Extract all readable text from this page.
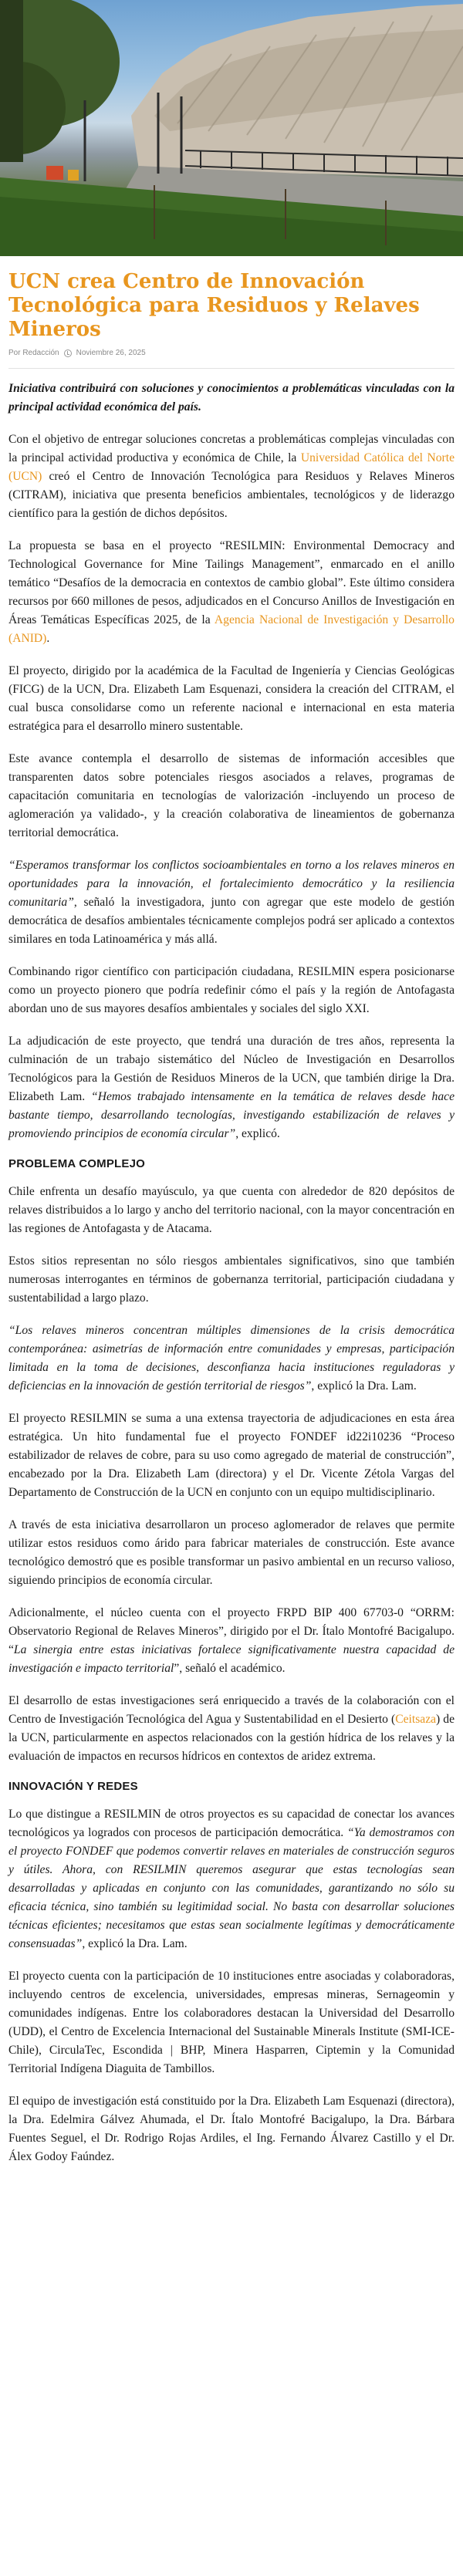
UCN crea Centro de Innovación Tecnológica para Residuos y Relaves Mineros
Por Redacción Noviembre 26, 2025

Iniciativa contribuirá con soluciones y conocimientos a problemáticas vinculadas con la principal actividad económica del país.

Con el objetivo de entregar soluciones concretas a problemáticas complejas vinculadas con la principal actividad productiva y económica de Chile, la Universidad Católica del Norte (UCN) creó el Centro de Innovación Tecnológica para Residuos y Relaves Mineros (CITRAM), iniciativa que presenta beneficios ambientales, tecnológicos y de liderazgo científico para la gestión de dichos depósitos.

La propuesta se basa en el proyecto “RESILMIN: Environmental Democracy and Technological Governance for Mine Tailings Management”, enmarcado en el anillo temático “Desafíos de la democracia en contextos de cambio global”. Este último considera recursos por 660 millones de pesos, adjudicados en el Concurso Anillos de Investigación en Áreas Temáticas Específicas 2025, de la Agencia Nacional de Investigación y Desarrollo (ANID).

El proyecto, dirigido por la académica de la Facultad de Ingeniería y Ciencias Geológicas (FICG) de la UCN, Dra. Elizabeth Lam Esquenazi, considera la creación del CITRAM, el cual busca consolidarse como un referente nacional e internacional en esta materia estratégica para el desarrollo minero sustentable.

Este avance contempla el desarrollo de sistemas de información accesibles que transparenten datos sobre potenciales riesgos asociados a relaves, programas de capacitación comunitaria en tecnologías de valorización -incluyendo un proceso de aglomeración ya validado-, y la creación colaborativa de lineamientos de gobernanza territorial democrática.

“Esperamos transformar los conflictos socioambientales en torno a los relaves mineros en oportunidades para la innovación, el fortalecimiento democrático y la resiliencia comunitaria”, señaló la investigadora, junto con agregar que este modelo de gestión democrática de desafíos ambientales técnicamente complejos podrá ser aplicado a contextos similares en toda Latinoamérica y más allá.

Combinando rigor científico con participación ciudadana, RESILMIN espera posicionarse como un proyecto pionero que podría redefinir cómo el país y la región de Antofagasta abordan uno de sus mayores desafíos ambientales y sociales del siglo XXI.

La adjudicación de este proyecto, que tendrá una duración de tres años, representa la culminación de un trabajo sistemático del Núcleo de Investigación en Desarrollos Tecnológicos para la Gestión de Residuos Mineros de la UCN, que también dirige la Dra. Elizabeth Lam. “Hemos trabajado intensamente en la temática de relaves desde hace bastante tiempo, desarrollando tecnologías, investigando estabilización de relaves y promoviendo principios de economía circular”, explicó.

PROBLEMA COMPLEJO

Chile enfrenta un desafío mayúsculo, ya que cuenta con alrededor de 820 depósitos de relaves distribuidos a lo largo y ancho del territorio nacional, con la mayor concentración en las regiones de Antofagasta y de Atacama.

Estos sitios representan no sólo riesgos ambientales significativos, sino que también numerosas interrogantes en términos de gobernanza territorial, participación ciudadana y sustentabilidad a largo plazo.

“Los relaves mineros concentran múltiples dimensiones de la crisis democrática contemporánea: asimetrías de información entre comunidades y empresas, participación limitada en la toma de decisiones, desconfianza hacia instituciones reguladoras y deficiencias en la innovación de gestión territorial de riesgos”, explicó la Dra. Lam.

El proyecto RESILMIN se suma a una extensa trayectoria de adjudicaciones en esta área estratégica. Un hito fundamental fue el proyecto FONDEF id22i10236 “Proceso estabilizador de relaves de cobre, para su uso como agregado de material de construcción”, encabezado por la Dra. Elizabeth Lam (directora) y el Dr. Vicente Zétola Vargas del Departamento de Construcción de la UCN en conjunto con un equipo multidisciplinario.

A través de esta iniciativa desarrollaron un proceso aglomerador de relaves que permite utilizar estos residuos como árido para fabricar materiales de construcción. Este avance tecnológico demostró que es posible transformar un pasivo ambiental en un recurso valioso, siguiendo principios de economía circular.

Adicionalmente, el núcleo cuenta con el proyecto FRPD BIP 400 67703-0 “ORRM: Observatorio Regional de Relaves Mineros”, dirigido por el Dr. Ítalo Montofré Bacigalupo. “La sinergia entre estas iniciativas fortalece significativamente nuestra capacidad de investigación e impacto territorial”, señaló el académico.

El desarrollo de estas investigaciones será enriquecido a través de la colaboración con el Centro de Investigación Tecnológica del Agua y Sustentabilidad en el Desierto (Ceitsaza) de la UCN, particularmente en aspectos relacionados con la gestión hídrica de los relaves y la evaluación de impactos en recursos hídricos en contextos de aridez extrema.

INNOVACIÓN Y REDES

Lo que distingue a RESILMIN de otros proyectos es su capacidad de conectar los avances tecnológicos ya logrados con procesos de participación democrática. “Ya demostramos con el proyecto FONDEF que podemos convertir relaves en materiales de construcción seguros y útiles. Ahora, con RESILMIN queremos asegurar que estas tecnologías sean desarrolladas y aplicadas en conjunto con las comunidades, garantizando no sólo su eficacia técnica, sino también su legitimidad social. No basta con desarrollar soluciones técnicas eficientes; necesitamos que estas sean socialmente legítimas y democráticamente consensuadas”, explicó la Dra. Lam.

El proyecto cuenta con la participación de 10 instituciones entre asociadas y colaboradoras, incluyendo centros de excelencia, universidades, empresas mineras, Sernageomin y comunidades indígenas. Entre los colaboradores destacan la Universidad del Desarrollo (UDD), el Centro de Excelencia Internacional del Sustainable Minerals Institute (SMI-ICE-Chile), CirculaTec, Escondida | BHP, Minera Hasparren, Ciptemin y la Comunidad Territorial Indígena Diaguita de Tambillos.

El equipo de investigación está constituido por la Dra. Elizabeth Lam Esquenazi (directora), la Dra. Edelmira Gálvez Ahumada, el Dr. Ítalo Montofré Bacigalupo, la Dra. Bárbara Fuentes Seguel, el Dr. Rodrigo Rojas Ardiles, el Ing. Fernando Álvarez Castillo y el Dr. Álex Godoy Faúndez.
